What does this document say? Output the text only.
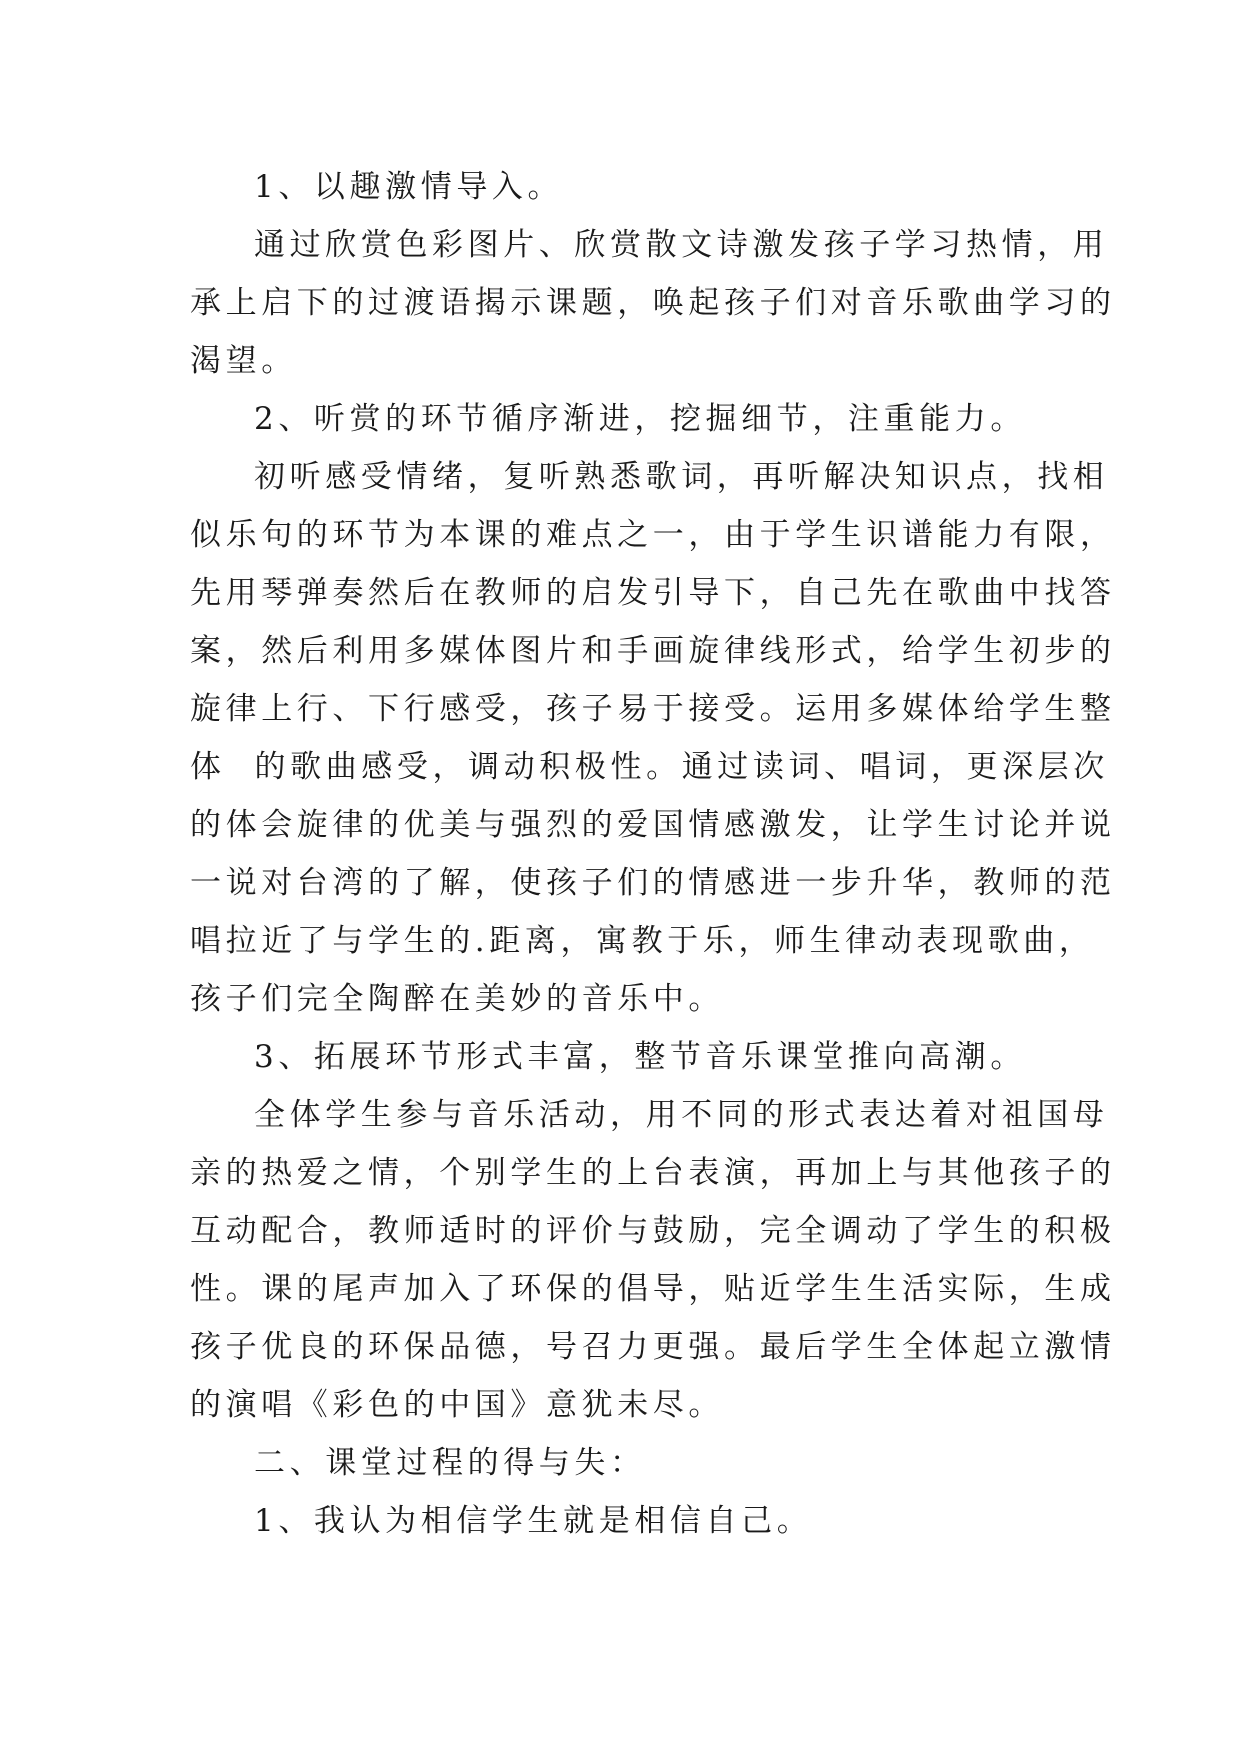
1、以趣激情导入。
通过欣赏色彩图片、欣赏散文诗激发孩子学习热情，用
承上启下的过渡语揭示课题，唤起孩子们对音乐歌曲学习的
渴望。
2、听赏的环节循序渐进，挖掘细节，注重能力。
初听感受情绪，复听熟悉歌词，再听解决知识点，找相
似乐句的环节为本课的难点之一，由于学生识谱能力有限，
先用琴弹奏然后在教师的启发引导下，自己先在歌曲中找答
案，然后利用多媒体图片和手画旋律线形式，给学生初步的
旋律上行、下行感受，孩子易于接受。运用多媒体给学生整
体  的歌曲感受，调动积极性。通过读词、唱词，更深层次
的体会旋律的优美与强烈的爱国情感激发，让学生讨论并说
一说对台湾的了解，使孩子们的情感进一步升华，教师的范
唱拉近了与学生的.距离，寓教于乐，师生律动表现歌曲，
孩子们完全陶醉在美妙的音乐中。
3、拓展环节形式丰富，整节音乐课堂推向高潮。
全体学生参与音乐活动，用不同的形式表达着对祖国母
亲的热爱之情，个别学生的上台表演，再加上与其他孩子的
互动配合，教师适时的评价与鼓励，完全调动了学生的积极
性。课的尾声加入了环保的倡导，贴近学生生活实际，生成
孩子优良的环保品德，号召力更强。最后学生全体起立激情
的演唱《彩色的中国》意犹未尽。
二、课堂过程的得与失：
1、我认为相信学生就是相信自己。
